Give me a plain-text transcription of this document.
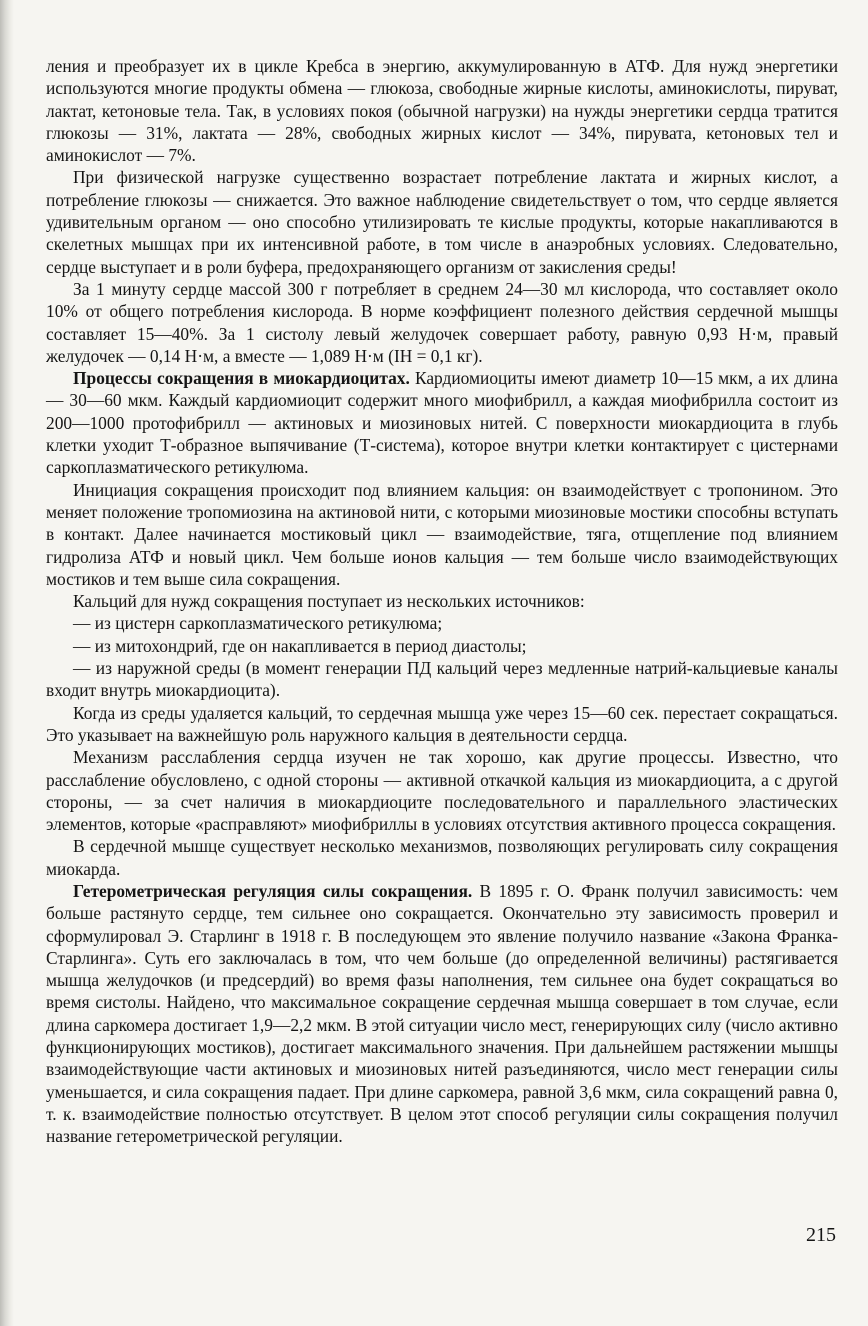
ления и преобразует их в цикле Кребса в энергию, аккумулированную в АТФ. Для нужд энергетики используются многие продукты обмена — глюкоза, свободные жирные кислоты, аминокислоты, пируват, лактат, кетоновые тела. Так, в условиях покоя (обычной нагрузки) на нужды энергетики сердца тратится глюкозы — 31%, лактата — 28%, свободных жирных кислот — 34%, пирувата, кетоновых тел и аминокислот — 7%.

При физической нагрузке существенно возрастает потребление лактата и жирных кислот, а потребление глюкозы — снижается. Это важное наблюдение свидетельствует о том, что сердце является удивительным органом — оно способно утилизировать те кислые продукты, которые накапливаются в скелетных мышцах при их интенсивной работе, в том числе в анаэробных условиях. Следовательно, сердце выступает и в роли буфера, предохраняющего организм от закисления среды!

За 1 минуту сердце массой 300 г потребляет в среднем 24—30 мл кислорода, что составляет около 10% от общего потребления кислорода. В норме коэффициент полезного действия сердечной мышцы составляет 15—40%. За 1 систолу левый желудочек совершает работу, равную 0,93 Н·м, правый желудочек — 0,14 Н·м, а вместе — 1,089 Н·м (IН = 0,1 кг).

Процессы сокращения в миокардиоцитах. Кардиомиоциты имеют диаметр 10—15 мкм, а их длина — 30—60 мкм. Каждый кардиомиоцит содержит много миофибрилл, а каждая миофибрилла состоит из 200—1000 протофибрилл — актиновых и миозиновых нитей. С поверхности миокардиоцита в глубь клетки уходит Т-образное выпячивание (Т-система), которое внутри клетки контактирует с цистернами саркоплазматического ретикулюма.

Инициация сокращения происходит под влиянием кальция: он взаимодействует с тропонином. Это меняет положение тропомиозина на актиновой нити, с которыми миозиновые мостики способны вступать в контакт. Далее начинается мостиковый цикл — взаимодействие, тяга, отщепление под влиянием гидролиза АТФ и новый цикл. Чем больше ионов кальция — тем больше число взаимодействующих мостиков и тем выше сила сокращения.

Кальций для нужд сокращения поступает из нескольких источников:

— из цистерн саркоплазматического ретикулюма;

— из митохондрий, где он накапливается в период диастолы;

— из наружной среды (в момент генерации ПД кальций через медленные натрий-кальциевые каналы входит внутрь миокардиоцита).

Когда из среды удаляется кальций, то сердечная мышца уже через 15—60 сек. перестает сокращаться. Это указывает на важнейшую роль наружного кальция в деятельности сердца.

Механизм расслабления сердца изучен не так хорошо, как другие процессы. Известно, что расслабление обусловлено, с одной стороны — активной откачкой кальция из миокардиоцита, а с другой стороны, — за счет наличия в миокардиоците последовательного и параллельного эластических элементов, которые «расправляют» миофибриллы в условиях отсутствия активного процесса сокращения.

В сердечной мышце существует несколько механизмов, позволяющих регулировать силу сокращения миокарда.

Гетерометрическая регуляция силы сокращения. В 1895 г. О. Франк получил зависимость: чем больше растянуто сердце, тем сильнее оно сокращается. Окончательно эту зависимость проверил и сформулировал Э. Старлинг в 1918 г. В последующем это явление получило название «Закона Франка-Старлинга». Суть его заключалась в том, что чем больше (до определенной величины) растягивается мышца желудочков (и предсердий) во время фазы наполнения, тем сильнее она будет сокращаться во время систолы. Найдено, что максимальное сокращение сердечная мышца совершает в том случае, если длина саркомера достигает 1,9—2,2 мкм. В этой ситуации число мест, генерирующих силу (число активно функционирующих мостиков), достигает максимального значения. При дальнейшем растяжении мышцы взаимодействующие части актиновых и миозиновых нитей разъединяются, число мест генерации силы уменьшается, и сила сокращения падает. При длине саркомера, равной 3,6 мкм, сила сокращений равна 0, т. к. взаимодействие полностью отсутствует. В целом этот способ регуляции силы сокращения получил название гетерометрической регуляции.

215
